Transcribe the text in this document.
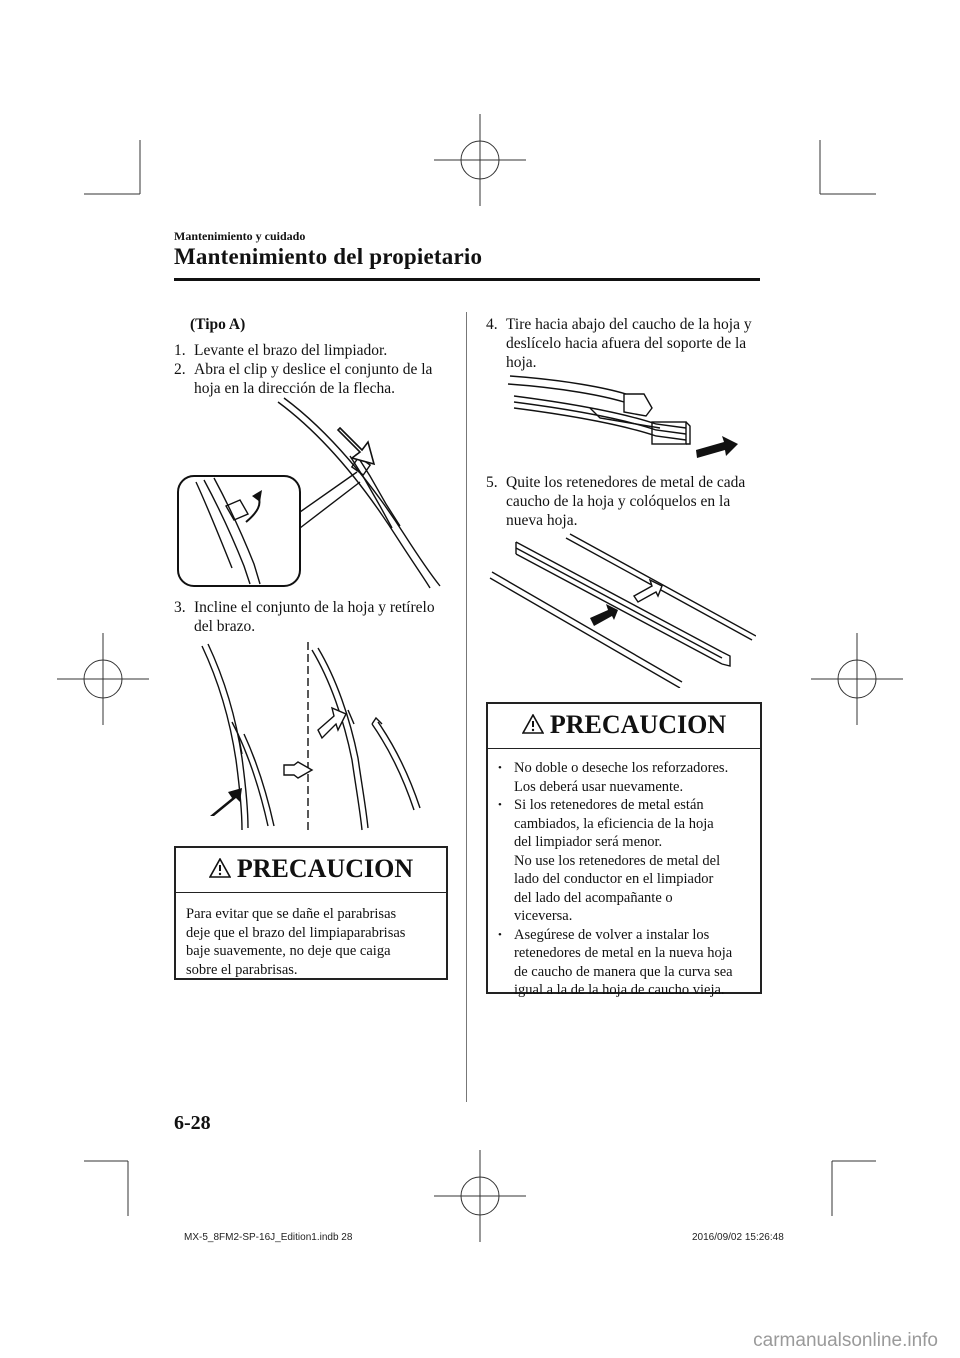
Mantenimiento y cuidado
Mantenimiento del propietario
(Tipo A)
1. Levante el brazo del limpiador.
2. Abra el clip y deslice el conjunto de la
hoja en la dirección de la flecha.
3. Incline el conjunto de la hoja y retírelo
del brazo.
PRECAUCION
Para evitar que se dañe el parabrisas
deje que el brazo del limpiaparabrisas
baje suavemente, no deje que caiga
sobre el parabrisas.
4. Tire hacia abajo del caucho de la hoja y
deslícelo hacia afuera del soporte de la
hoja.
5. Quite los retenedores de metal de cada
caucho de la hoja y colóquelos en la
nueva hoja.
PRECAUCION
• No doble o deseche los reforzadores.
Los deberá usar nuevamente.
• Si los retenedores de metal están
cambiados, la eficiencia de la hoja
del limpiador será menor.
No use los retenedores de metal del
lado del conductor en el limpiador
del lado del acompañante o
viceversa.
• Asegúrese de volver a instalar los
retenedores de metal en la nueva hoja
de caucho de manera que la curva sea
igual a la de la hoja de caucho vieja.
6-28
MX-5_8FM2-SP-16J_Edition1.indb 28	2016/09/02 15:26:48
carmanualsonline.info
